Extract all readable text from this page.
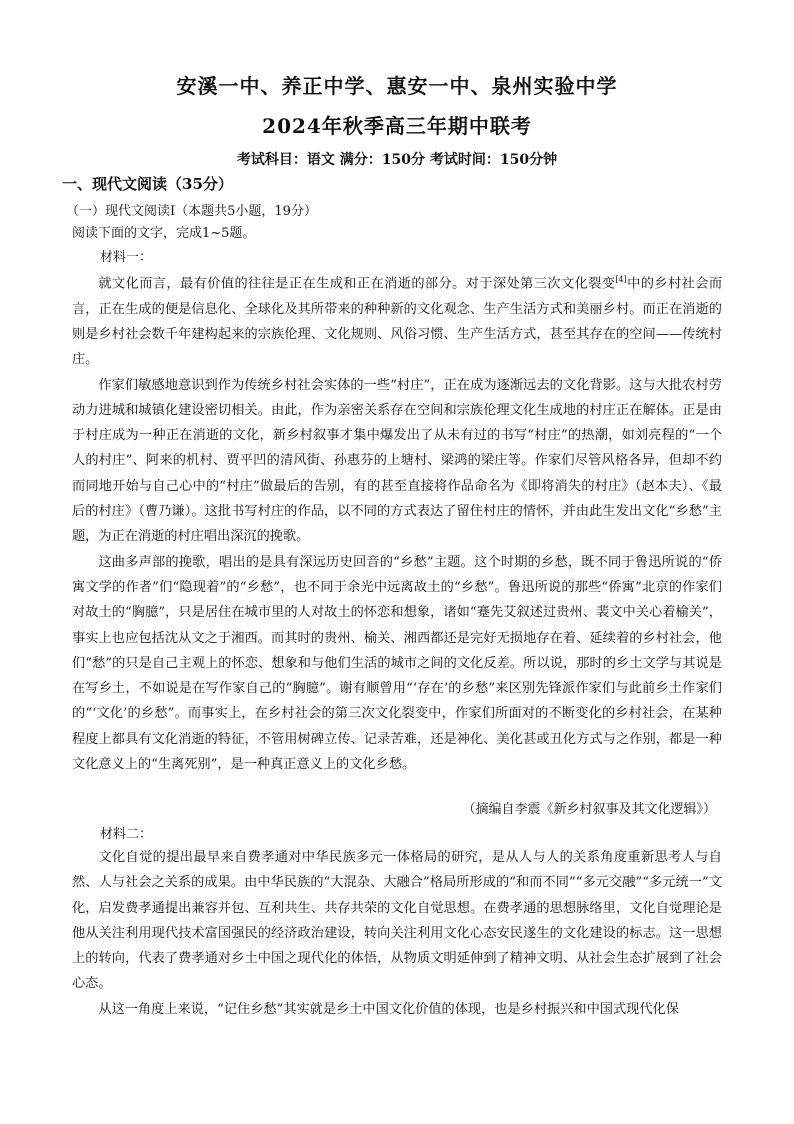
安溪一中、养正中学、惠安一中、泉州实验中学
2024年秋季高三年期中联考
考试科目：语文 满分：150分 考试时间：150分钟
一、现代文阅读（35分）
（一）现代文阅读Ⅰ（本题共5小题，19分）
阅读下面的文字，完成1~5题。
材料一：

就文化而言，最有价值的往往是正在生成和正在消逝的部分。对于深处第三次文化裂变[4]中的乡村社会而言，正在生成的便是信息化、全球化及其所带来的种种新的文化观念、生产生活方式和美丽乡村。而正在消逝的则是乡村社会数千年建构起来的宗族伦理、文化规则、风俗习惯、生产生活方式，甚至其存在的空间——传统村庄。

作家们敏感地意识到作为传统乡村社会实体的一些“村庄”，正在成为逐渐远去的文化背影。这与大批农村劳动力进城和城镇化建设密切相关。由此，作为亲密关系存在空间和宗族伦理文化生成地的村庄正在解体。正是由于村庄成为一种正在消逝的文化，新乡村叙事才集中爆发出了从未有过的书写“村庄”的热潮，如刘亮程的“一个人的村庄”、阿来的机村、贾平凹的清风街、孙惠芬的上塘村、梁鸿的梁庄等。作家们尽管风格各异，但却不约而同地开始与自己心中的“村庄”做最后的告别，有的甚至直接将作品命名为《即将消失的村庄》（赵本夫）、《最后的村庄》（曹乃谦）。这批书写村庄的作品，以不同的方式表达了留住村庄的情怀，并由此生发出文化“乡愁”主题，为正在消逝的村庄唱出深沉的挽歌。

这曲多声部的挽歌，唱出的是具有深远历史回音的“乡愁”主题。这个时期的乡愁，既不同于鲁迅所说的“侨寓文学的作者”们“隐现着”的“乡愁”，也不同于余光中远离故土的“乡愁”。鲁迅所说的那些“侨寓”北京的作家们对故土的“胸臆”，只是居住在城市里的人对故土的怀恋和想象，诸如“蹇先艾叙述过贵州、裴文中关心着榆关”，事实上也应包括沈从文之于湘西。而其时的贵州、榆关、湘西都还是完好无损地存在着、延续着的乡村社会，他们“愁”的只是自己主观上的怀恋、想象和与他们生活的城市之间的文化反差。所以说，那时的乡土文学与其说是在写乡土，不如说是在写作家自己的“胸臆”。谢有顺曾用“‘存在’的乡愁”来区别先锋派作家们与此前乡土作家们的“‘文化’的乡愁”。而事实上，在乡村社会的第三次文化裂变中，作家们所面对的不断变化的乡村社会，在某种程度上都具有文化消逝的特征，不管用树碑立传、记录苦难，还是神化、美化甚或丑化方式与之作别，都是一种文化意义上的“生离死别”，是一种真正意义上的文化乡愁。

（摘编自李震《新乡村叙事及其文化逻辑》）
材料二：

文化自觉的提出最早来自费孝通对中华民族多元一体格局的研究，是从人与人的关系角度重新思考人与自然、人与社会之关系的成果。由中华民族的“大混杂、大融合”格局所形成的“和而不同”“多元交融”“多元统一”文化，启发费孝通提出兼容并包、互利共生、共存共荣的文化自觉思想。在费孝通的思想脉络里，文化自觉理论是他从关注利用现代技术富国强民的经济政治建设，转向关注利用文化心态安民遂生的文化建设的标志。这一思想上的转向，代表了费孝通对乡土中国之现代化的体悟，从物质文明延伸到了精神文明、从社会生态扩展到了社会心态。

从这一角度上来说，“记住乡愁”其实就是乡土中国文化价值的体现，也是乡村振兴和中国式现代化保
